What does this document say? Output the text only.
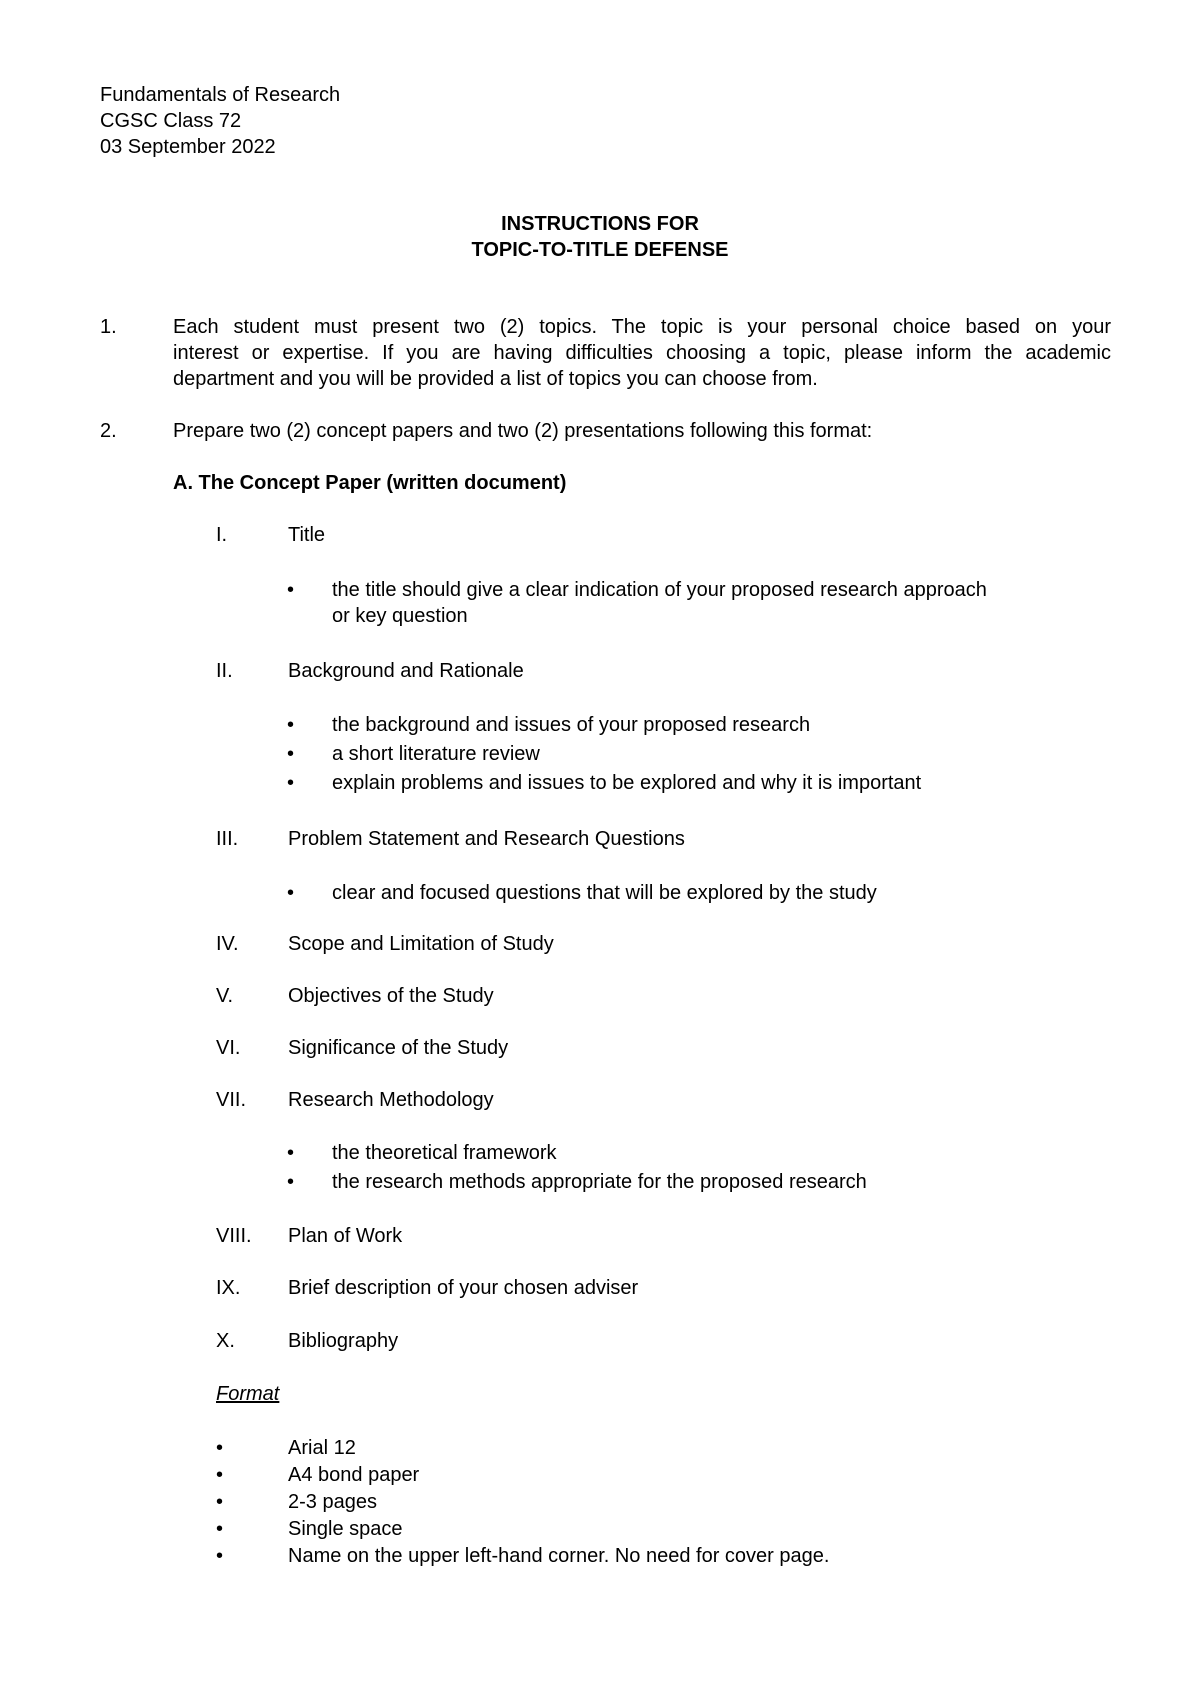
Fundamentals of Research
CGSC Class 72
03 September 2022
INSTRUCTIONS FOR
TOPIC-TO-TITLE DEFENSE
1.	Each student must present two (2) topics. The topic is your personal choice based on your
interest or expertise. If you are having difficulties choosing a topic, please inform the academic
department and you will be provided a list of topics you can choose from.
2.	Prepare two (2) concept papers and two (2) presentations following this format:
A. The Concept Paper (written document)
I.	Title
• the title should give a clear indication of your proposed research approach
or key question
II.	Background and Rationale
• the background and issues of your proposed research
• a short literature review
• explain problems and issues to be explored and why it is important
III. Problem Statement and Research Questions
• clear and focused questions that will be explored by the study
IV. Scope and Limitation of Study
V.	Objectives of the Study
VI. Significance of the Study
VII. Research Methodology
• the theoretical framework
• the research methods appropriate for the proposed research
VIII. Plan of Work
IX. Brief description of your chosen adviser
X.	Bibliography
Format
•	Arial 12
•	A4 bond paper
•	2-3 pages
•	Single space
•	Name on the upper left-hand corner. No need for cover page.
